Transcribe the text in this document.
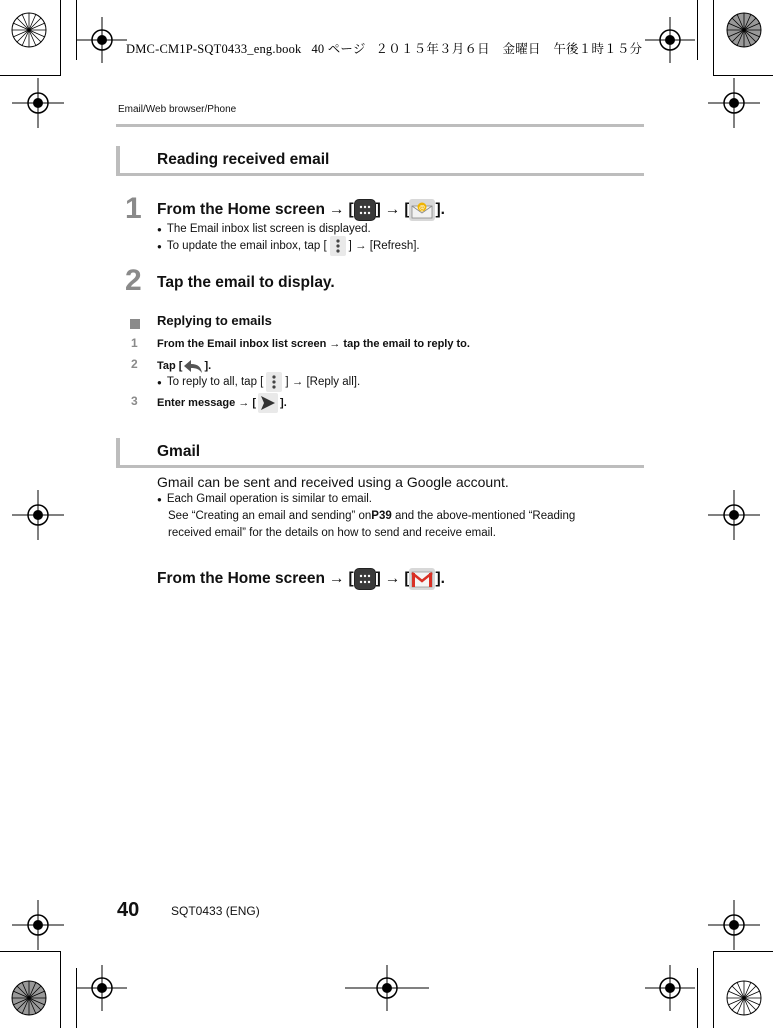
DMC-CM1P-SQT0433_eng.book 40 ページ ２０１５年３月６日　金曜日　午後１時１５分
Email/Web browser/Phone
Reading received email
1 From the Home screen → [ ] → [ @ ].
● The Email inbox list screen is displayed.
● To update the email inbox, tap [ ] → [Refresh].
2 Tap the email to display.
Replying to emails
1 From the Email inbox list screen → tap the email to reply to.
2 Tap [ ].
● To reply to all, tap [ ] → [Reply all].
3 Enter message → [ ].
Gmail
Gmail can be sent and received using a Google account.
● Each Gmail operation is similar to email.
See “Creating an email and sending” on P39 and the above-mentioned “Reading
received email” for the details on how to send and receive email.
From the Home screen → [ ] → [ ].
40	SQT0433 (ENG)
